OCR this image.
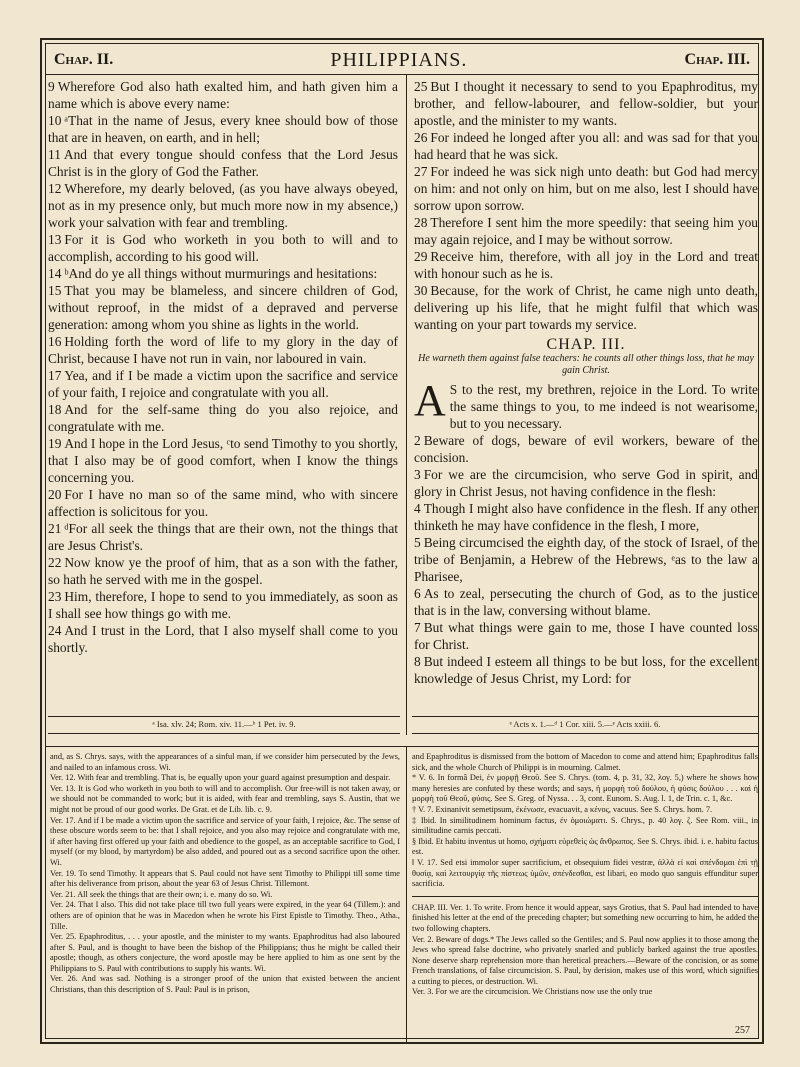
Chap. II.	PHILIPPIANS.	Chap. III.
9 Wherefore God also hath exalted him, and hath given him a name which is above every name:
10 ᵃThat in the name of Jesus, every knee should bow of those that are in heaven, on earth, and in hell;
11 And that every tongue should confess that the Lord Jesus Christ is in the glory of God the Father.
12 Wherefore, my dearly beloved, (as you have always obeyed, not as in my presence only, but much more now in my absence,) work your salvation with fear and trembling.
13 For it is God who worketh in you both to will and to accomplish, according to his good will.
14 ᵇAnd do ye all things without murmurings and hesitations:
15 That you may be blameless, and sincere children of God, without reproof, in the midst of a depraved and perverse generation: among whom you shine as lights in the world.
16 Holding forth the word of life to my glory in the day of Christ, because I have not run in vain, nor laboured in vain.
17 Yea, and if I be made a victim upon the sacrifice and service of your faith, I rejoice and congratulate with you all.
18 And for the self-same thing do you also rejoice, and congratulate with me.
19 And I hope in the Lord Jesus, ᶜto send Timothy to you shortly, that I also may be of good comfort, when I know the things concerning you.
20 For I have no man so of the same mind, who with sincere affection is solicitous for you.
21 ᵈFor all seek the things that are their own, not the things that are Jesus Christ's.
22 Now know ye the proof of him, that as a son with the father, so hath he served with me in the gospel.
23 Him, therefore, I hope to send to you immediately, as soon as I shall see how things go with me.
24 And I trust in the Lord, that I also myself shall come to you shortly.
25 But I thought it necessary to send to you Epaphroditus, my brother, and fellow-labourer, and fellow-soldier, but your apostle, and the minister to my wants.
26 For indeed he longed after you all: and was sad for that you had heard that he was sick.
27 For indeed he was sick nigh unto death: but God had mercy on him: and not only on him, but on me also, lest I should have sorrow upon sorrow.
28 Therefore I sent him the more speedily: that seeing him you may again rejoice, and I may be without sorrow.
29 Receive him, therefore, with all joy in the Lord and treat with honour such as he is.
30 Because, for the work of Christ, he came nigh unto death, delivering up his life, that he might fulfil that which was wanting on your part towards my service.
CHAP. III.
He warneth them against false teachers: he counts all other things loss, that he may gain Christ.
A S to the rest, my brethren, rejoice in the Lord. To write the same things to you, to me indeed is not wearisome, but to you necessary.
2 Beware of dogs, beware of evil workers, beware of the concision.
3 For we are the circumcision, who serve God in spirit, and glory in Christ Jesus, not having confidence in the flesh:
4 Though I might also have confidence in the flesh. If any other thinketh he may have confidence in the flesh, I more,
5 Being circumcised the eighth day, of the stock of Israel, of the tribe of Benjamin, a Hebrew of the Hebrews, ᵉas to the law a Pharisee,
6 As to zeal, persecuting the church of God, as to the justice that is in the law, conversing without blame.
7 But what things were gain to me, those I have counted loss for Christ.
8 But indeed I esteem all things to be but loss, for the excellent knowledge of Jesus Christ, my Lord: for
ᵃ Isa. xlv. 24; Rom. xiv. 11.—ᵇ 1 Pet. iv. 9.	ᵉ Acts x. 1.—ᵈ 1 Cor. xiii. 5.—ᵉ Acts xxiii. 6.

and, as S. Chrys. says, with the appearances of a sinful man, if we consider him persecuted by the Jews, and nailed to an infamous cross. Wi.

Ver. 12. With fear and trembling. That is, be equally upon your guard against presumption and despair.

Ver. 13. It is God who worketh in you both to will and to accomplish. Our free-will is not taken away, or we should not be commanded to work; but it is aided, with fear and trembling, says S. Austin, that we might not be proud of our good works. De Grat. et de Lib. lib. c. 9.

Ver. 17. And if I be made a victim upon the sacrifice and service of your faith, I rejoice, &c. The sense of these obscure words seem to be: that I shall rejoice, and you also may rejoice and congratulate with me, if after having first offered up your faith and obedience to the gospel, as an acceptable sacrifice to God, I myself (or my blood, by martyrdom) be also added, and poured out as a second sacrifice upon the other. Wi.

Ver. 19. To send Timothy. It appears that S. Paul could not have sent Timothy to Philippi till some time after his deliverance from prison, about the year 63 of Jesus Christ. Tillemont.

Ver. 21. All seek the things that are their own; i. e. many do so. Wi.

Ver. 24. That I also. This did not take place till two full years were expired, in the year 64 (Tillem.): and others are of opinion that he was in Macedon when he wrote his First Epistle to Timothy. Theo., Atha., Tille.

Ver. 25. Epaphroditus, . . . your apostle, and the minister to my wants. Epaphroditus had also laboured after S. Paul, and is thought to have been the bishop of the Philippians; thus he might be called their apostle; though, as others conjecture, the word apostle may be here applied to him as one sent by the Philippians to S. Paul with contributions to supply his wants. Wi.

Ver. 26. And was sad. Nothing is a stronger proof of the union that existed between the ancient Christians, than this description of S. Paul: Paul is in prison,

and Epaphroditus is dismissed from the bottom of Macedon to come and attend him; Epaphroditus falls sick, and the whole Church of Philippi is in mourning. Calmet.

* V. 6. In formâ Dei, ἐν μορφῇ Θεοῦ. See S. Chrys. (tom. 4, p. 31, 32, λογ. 5,) where he shows how many heresies are confuted by these words; and says, ἡ μορφὴ τοῦ δούλου, ἡ φύσις δούλου . . . καὶ ἡ μορφὴ τοῦ Θεοῦ, φύσις. See S. Greg. of Nyssa. . . 3, cont. Eunom. S. Aug. l. 1, de Trin. c. 1, &c.

† V. 7. Exinanivit semetipsum, ἐκένωσε, evacuavit, a κένος, vacuus. See S. Chrys. hom. 7.

‡ Ibid. In similitudinem hominum factus, ἐν ὁμοιώματι. S. Chrys., p. 40 λογ. ζ. See Rom. viii., in similitudine carnis peccati.

§ Ibid. Et habitu inventus ut homo, σχήματι εὑρεθεὶς ὡς ἄνθρωπος. See S. Chrys. ibid. i. e. habitu factus est.

‖ V. 17. Sed etsi immolor super sacrificium, et obsequium fidei vestræ, ἀλλὰ εἰ καὶ σπένδομαι ἐπὶ τῇ θυσίᾳ, καὶ λειτουργίᾳ τῆς πίστεως ὑμῶν, σπένδεσθαι, est libari, eo modo quo sanguis effunditur super sacrificia.

CHAP. III. Ver. 1. To write. From hence it would appear, says Grotius, that S. Paul had intended to have finished his letter at the end of the preceding chapter; but something new occurring to him, he added the two following chapters.

Ver. 2. Beware of dogs.* The Jews called so the Gentiles; and S. Paul now applies it to those among the Jews who spread false doctrine, who privately snarled and publicly barked against the true apostles. None deserve sharp reprehension more than heretical preachers.—Beware of the concision, or as some French translations, of false circumcision. S. Paul, by derision, makes use of this word, which signifies a cutting to pieces, or destruction. Wi.

Ver. 3. For we are the circumcision. We Christians now use the only true

257
